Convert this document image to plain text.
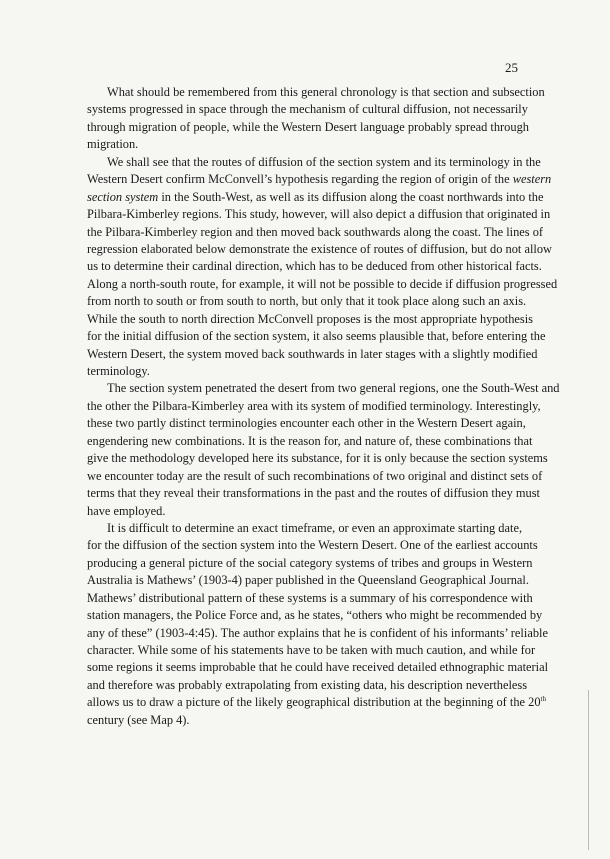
25
What should be remembered from this general chronology is that section and subsection
systems progressed in space through the mechanism of cultural diffusion, not necessarily
through migration of people, while the Western Desert language probably spread through
migration.
We shall see that the routes of diffusion of the section system and its terminology in the
Western Desert confirm McConvell’s hypothesis regarding the region of origin of the western
section system in the South-West, as well as its diffusion along the coast northwards into the
Pilbara-Kimberley regions. This study, however, will also depict a diffusion that originated in
the Pilbara-Kimberley region and then moved back southwards along the coast. The lines of
regression elaborated below demonstrate the existence of routes of diffusion, but do not allow
us to determine their cardinal direction, which has to be deduced from other historical facts.
Along a north-south route, for example, it will not be possible to decide if diffusion progressed
from north to south or from south to north, but only that it took place along such an axis.
While the south to north direction McConvell proposes is the most appropriate hypothesis
for the initial diffusion of the section system, it also seems plausible that, before entering the
Western Desert, the system moved back southwards in later stages with a slightly modified
terminology.
The section system penetrated the desert from two general regions, one the South-West and
the other the Pilbara-Kimberley area with its system of modified terminology. Interestingly,
these two partly distinct terminologies encounter each other in the Western Desert again,
engendering new combinations. It is the reason for, and nature of, these combinations that
give the methodology developed here its substance, for it is only because the section systems
we encounter today are the result of such recombinations of two original and distinct sets of
terms that they reveal their transformations in the past and the routes of diffusion they must
have employed.
It is difficult to determine an exact timeframe, or even an approximate starting date,
for the diffusion of the section system into the Western Desert. One of the earliest accounts
producing a general picture of the social category systems of tribes and groups in Western
Australia is Mathews’ (1903-4) paper published in the Queensland Geographical Journal.
Mathews’ distributional pattern of these systems is a summary of his correspondence with
station managers, the Police Force and, as he states, “others who might be recommended by
any of these” (1903-4:45). The author explains that he is confident of his informants’ reliable
character. While some of his statements have to be taken with much caution, and while for
some regions it seems improbable that he could have received detailed ethnographic material
and therefore was probably extrapolating from existing data, his description nevertheless
allows us to draw a picture of the likely geographical distribution at the beginning of the 20th
century (see Map 4).
